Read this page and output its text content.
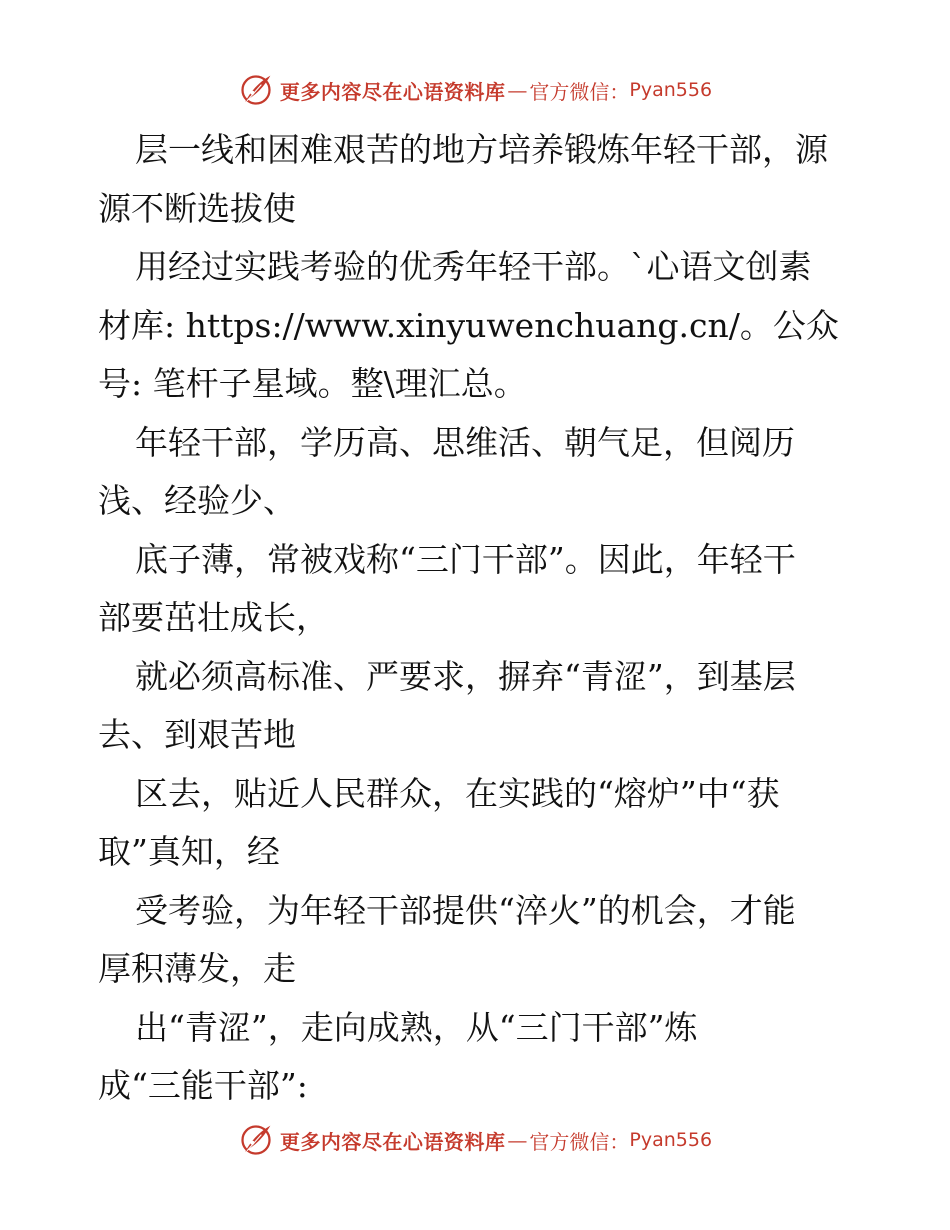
更多内容尽在心语资料库 — 官方微信： Pyan556
层一线和困难艰苦的地方培养锻炼年轻干部，源
源不断选拔使
用经过实践考验的优秀年轻干部。`心语文创素
材库: https://www.xinyuwenchuang.cn/。公众
号: 笔杆子星域。整\理汇总。
年轻干部，学历高、思维活、朝气足，但阅历
浅、经验少、
底子薄，常被戏称“三门干部”。因此，年轻干
部要茁壮成长，
就必须高标准、严要求，摒弃“青涩”，到基层
去、到艰苦地
区去，贴近人民群众，在实践的“熔炉”中“获
取”真知，经
受考验，为年轻干部提供“淬火”的机会，才能
厚积薄发，走
出“青涩”，走向成熟，从“三门干部”炼
成“三能干部”:
更多内容尽在心语资料库 — 官方微信： Pyan556
